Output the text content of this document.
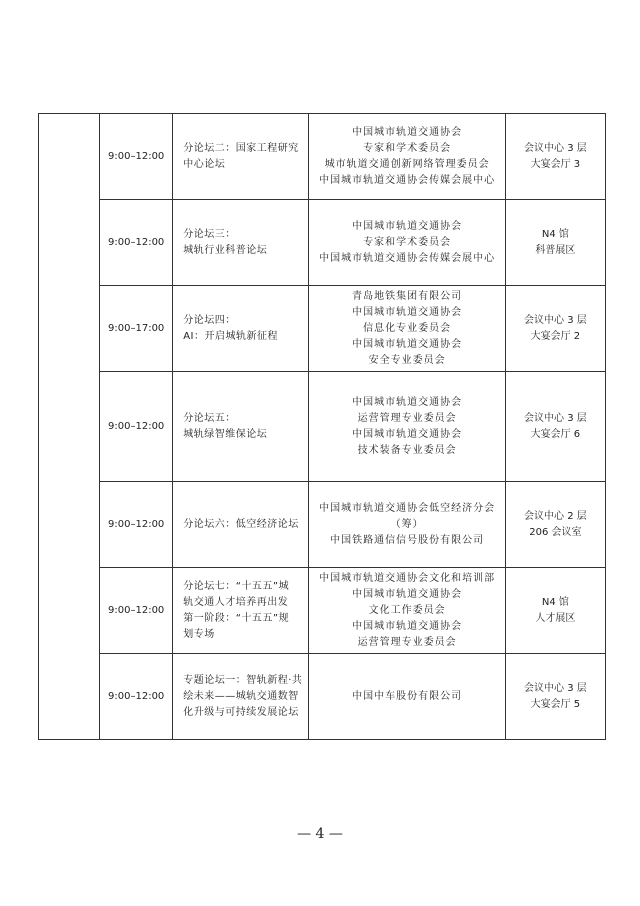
	9:00–12:00	分论坛二：国家工程研究
中心论坛	中国城市轨道交通协会
专家和学术委员会
城市轨道交通创新网络管理委员会
中国城市轨道交通协会传媒会展中心	会议中心 3 层
大宴会厅 3

	9:00–12:00	分论坛三：
城轨行业科普论坛	中国城市轨道交通协会
专家和学术委员会
中国城市轨道交通协会传媒会展中心	N4 馆
科普展区

	9:00–17:00	分论坛四：
AI：开启城轨新征程	青岛地铁集团有限公司
中国城市轨道交通协会
信息化专业委员会
中国城市轨道交通协会
安全专业委员会	会议中心 3 层
大宴会厅 2

	9:00–12:00	分论坛五：
城轨绿智维保论坛	中国城市轨道交通协会
运营管理专业委员会
中国城市轨道交通协会
技术装备专业委员会	会议中心 3 层
大宴会厅 6

	9:00–12:00	分论坛六：低空经济论坛	中国城市轨道交通协会低空经济分会
（筹）
中国铁路通信信号股份有限公司	会议中心 2 层
206 会议室

	9:00–12:00	分论坛七：“十五五”城
轨交通人才培养再出发
第一阶段：“十五五”规
划专场	中国城市轨道交通协会文化和培训部
中国城市轨道交通协会
文化工作委员会
中国城市轨道交通协会
运营管理专业委员会	N4 馆
人才展区

	9:00–12:00	专题论坛一：智轨新程·共
绘未来——城轨交通数智
化升级与可持续发展论坛	中国中车股份有限公司	会议中心 3 层
大宴会厅 5
— 4 —
